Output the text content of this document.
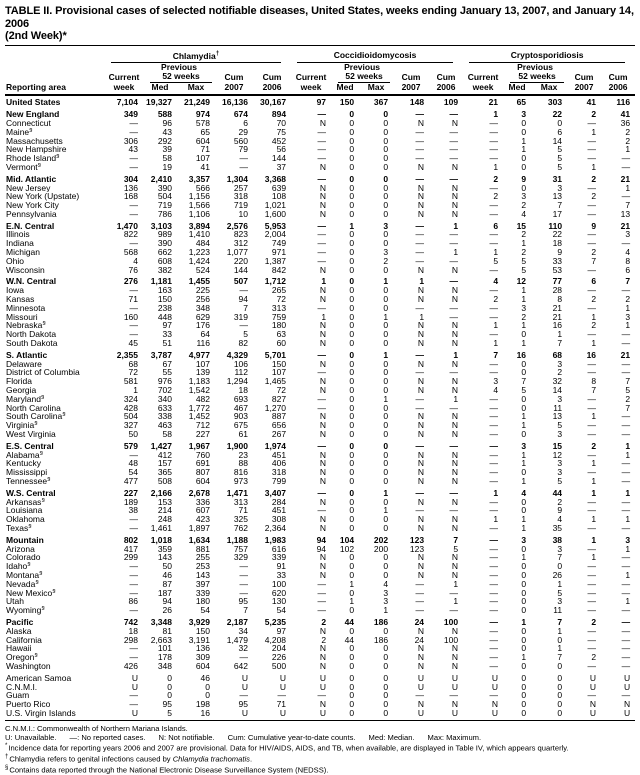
TABLE II. Provisional cases of selected notifiable diseases, United States, weeks ending January 13, 2007, and January 14, 2006
(2nd Week)*
Reporting area	Chlamydia†					Coccidioidomycosis					Cryptosporidiosis				

Current
week

Previous
52 weeks	Cum
2007

Cum
2006

Current
week

Previous
52 weeks	Cum
2007

Cum
2006

Current
week

Previous
52 weeks	Cum
2007

Cum
2006

		Med	Max				Med	Max				Med	Max		
United States	7,104	19,327	21,249	16,136	30,167	97	150	367	148	109	21	65	303	41	116
New England	349	588	974	674	894	—	0	0	—	—	1	3	22	2	41
Connecticut	—	96	578	6	70	N	0	0	N	N	—	0	0	—	36
Maine§	—	43	65	29	75	—	0	0	—	—	—	0	6	1	2
Massachusetts	306	292	604	560	452	—	0	0	—	—	—	1	14	—	2
New Hampshire	43	39	71	79	56	—	0	0	—	—	—	1	5	—	1
Rhode Island§	—	58	107	—	144	—	0	0	—	—	—	0	5	—	—
Vermont§	—	19	41	—	37	N	0	0	N	N	1	0	5	1	—
Mid. Atlantic	304	2,410	3,357	1,304	3,368	—	0	0	—	—	2	9	31	2	21
New Jersey	136	390	566	257	639	N	0	0	N	N	—	0	3	—	1
New York (Upstate)	168	504	1,156	318	108	N	0	0	N	N	2	3	13	2	—
New York City	—	719	1,566	719	1,021	N	0	0	N	N	—	2	7	—	7
Pennsylvania	—	786	1,106	10	1,600	N	0	0	N	N	—	4	17	—	13
E.N. Central	1,470	3,103	3,894	2,576	5,953	—	1	3	—	1	6	15	110	9	21
Illinois	822	989	1,410	823	2,004	—	0	0	—	—	—	2	22	—	3
Indiana	—	390	484	312	749	—	0	0	—	—	—	1	18	—	—
Michigan	568	662	1,223	1,077	971	—	0	3	—	1	1	2	9	2	4
Ohio	4	608	1,424	220	1,387	—	0	2	—	—	5	5	33	7	8
Wisconsin	76	382	524	144	842	N	0	0	N	N	—	5	53	—	6
W.N. Central	276	1,181	1,455	507	1,712	1	0	1	1	—	4	12	77	6	7
Iowa	—	163	225	—	265	N	0	0	N	N	—	1	28	—	—
Kansas	71	150	256	94	72	N	0	0	N	N	2	1	8	2	2
Minnesota	—	238	348	7	313	—	0	0	—	—	—	3	21	—	1
Missouri	160	448	629	319	759	1	0	1	1	—	—	2	21	1	3
Nebraska§	—	97	176	—	180	N	0	0	N	N	1	1	16	2	1
North Dakota	—	33	64	5	63	N	0	0	N	N	—	0	1	—	—
South Dakota	45	51	116	82	60	N	0	0	N	N	1	1	7	1	—
S. Atlantic	2,355	3,787	4,977	4,329	5,701	—	0	1	—	1	7	16	68	16	21
Delaware	68	67	107	106	150	N	0	0	N	N	—	0	3	—	—
District of Columbia	72	55	139	112	107	—	0	0	—	—	—	0	2	—	—
Florida	581	976	1,183	1,294	1,465	N	0	0	N	N	3	7	32	8	7
Georgia	1	702	1,542	18	72	N	0	0	N	N	4	5	14	7	5
Maryland§	324	340	482	693	827	—	0	1	—	1	—	0	3	—	2
North Carolina	428	633	1,772	467	1,270	—	0	0	—	—	—	0	11	—	7
South Carolina§	504	338	1,452	903	887	N	0	0	N	N	—	1	13	1	—
Virginia§	327	463	712	675	656	N	0	0	N	N	—	1	5	—	—
West Virginia	50	58	227	61	267	N	0	0	N	N	—	0	3	—	—
E.S. Central	579	1,427	1,967	1,900	1,974	—	0	0	—	—	—	3	15	2	1
Alabama§	—	412	760	23	451	N	0	0	N	N	—	1	12	—	1
Kentucky	48	157	691	88	406	N	0	0	N	N	—	1	3	1	—
Mississippi	54	365	807	816	318	N	0	0	N	N	—	0	3	—	—
Tennessee§	477	508	604	973	799	N	0	0	N	N	—	1	5	1	—
W.S. Central	227	2,166	2,678	1,471	3,407	—	0	1	—	—	1	4	44	1	1
Arkansas§	189	153	336	313	284	N	0	0	N	N	—	0	2	—	—
Louisiana	38	214	607	71	451	—	0	1	—	—	—	0	9	—	—
Oklahoma	—	248	423	325	308	N	0	0	N	N	1	1	4	1	1
Texas§	—	1,461	1,897	762	2,364	N	0	0	N	N	—	1	35	—	—
Mountain	802	1,018	1,634	1,188	1,983	94	104	202	123	7	—	3	38	1	3
Arizona	417	359	881	757	616	94	102	200	123	5	—	0	3	—	1
Colorado	299	143	255	329	339	N	0	0	N	N	—	1	7	1	—
Idaho§	—	50	253	—	91	N	0	0	N	N	—	0	0	—	—
Montana§	—	46	143	—	33	N	0	0	N	N	—	0	26	—	1
Nevada§	—	87	397	—	100	—	1	4	—	1	—	0	1	—	—
New Mexico§	—	187	339	—	620	—	0	3	—	—	—	0	5	—	—
Utah	86	94	180	95	130	—	1	3	—	1	—	0	3	—	1
Wyoming§	—	26	54	7	54	—	0	1	—	—	—	0	11	—	—
Pacific	742	3,348	3,929	2,187	5,235	2	44	186	24	100	—	1	7	2	—
Alaska	18	81	150	34	97	N	0	0	N	N	—	0	1	—	—
California	298	2,663	3,191	1,479	4,208	2	44	186	24	100	—	0	0	—	—
Hawaii	—	101	136	32	204	N	0	0	N	N	—	0	1	—	—
Oregon§	—	178	309	—	226	N	0	0	N	N	—	1	7	2	—
Washington	426	348	604	642	500	N	0	0	N	N	—	0	0	—	—
American Samoa	U	0	46	U	U	U	0	0	U	U	U	0	0	U	U
C.N.M.I.	U	0	0	U	U	U	0	0	U	U	U	0	0	U	U
Guam	—	0	0	—	—	—	0	0	—	—	—	0	0	—	—
Puerto Rico	—	95	198	95	71	N	0	0	N	N	N	0	0	N	N
U.S. Virgin Islands	U	5	16	U	U	U	0	0	U	U	U	0	0	U	U
C.N.M.I.: Commonwealth of Northern Mariana Islands.
U: Unavailable. —: No reported cases. N: Not notifiable. Cum: Cumulative year-to-date counts. Med: Median. Max: Maximum.
*Incidence data for reporting years 2006 and 2007 are provisional. Data for HIV/AIDS, AIDS, and TB, when available, are displayed in Table IV, which appears quarterly.
†Chlamydia refers to genital infections caused by Chlamydia trachomatis.
§Contains data reported through the National Electronic Disease Surveillance System (NEDSS).
